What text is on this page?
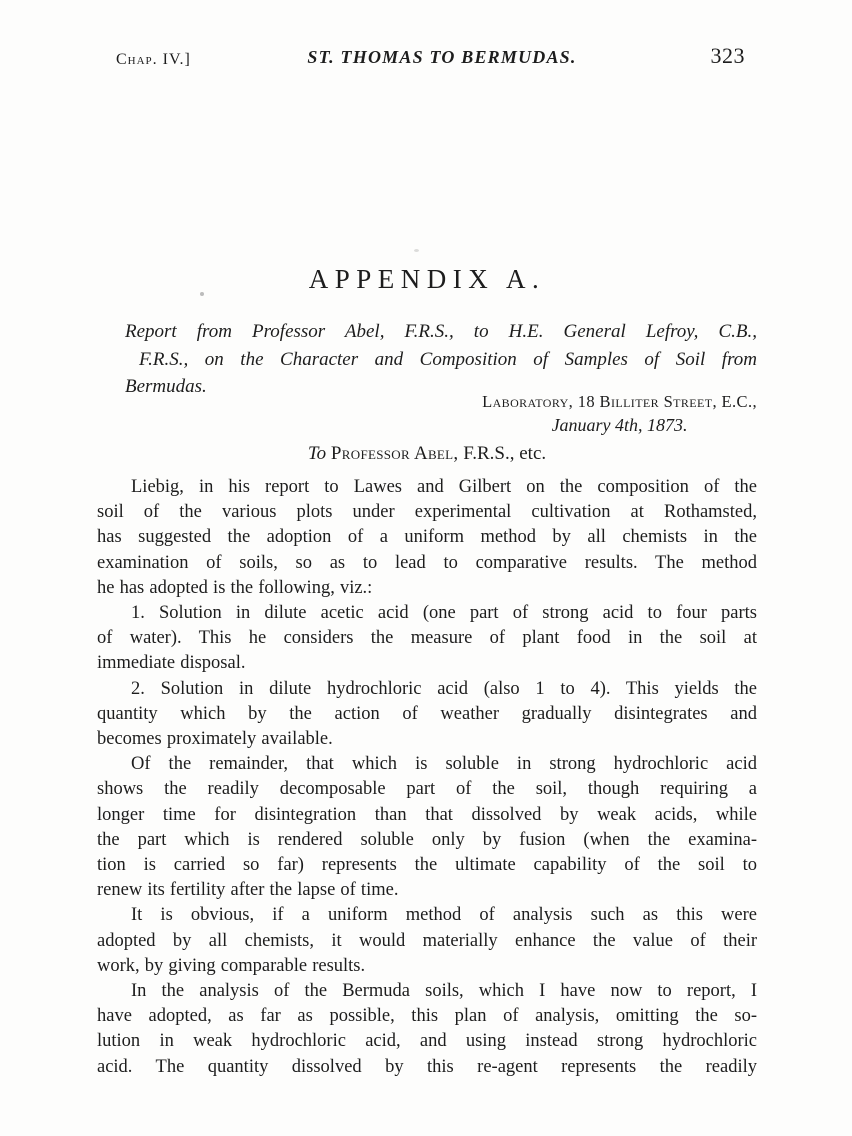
Chap. IV.]	ST. THOMAS TO BERMUDAS.	323
APPENDIX A.
Report from Professor Abel, F.R.S., to H.E. General Lefroy, C.B.,
F.R.S., on the Character and Composition of Samples of Soil from
Bermudas.
Laboratory, 18 Billiter Street, E.C.,
January 4th, 1873.
To Professor Abel, F.R.S., etc.
Liebig, in his report to Lawes and Gilbert on the composition of the
soil of the various plots under experimental cultivation at Rothamsted,
has suggested the adoption of a uniform method by all chemists in the
examination of soils, so as to lead to comparative results. The method
he has adopted is the following, viz.:
1. Solution in dilute acetic acid (one part of strong acid to four parts
of water). This he considers the measure of plant food in the soil at
immediate disposal.
2. Solution in dilute hydrochloric acid (also 1 to 4). This yields the
quantity which by the action of weather gradually disintegrates and
becomes proximately available.
Of the remainder, that which is soluble in strong hydrochloric acid
shows the readily decomposable part of the soil, though requiring a
longer time for disintegration than that dissolved by weak acids, while
the part which is rendered soluble only by fusion (when the examina-
tion is carried so far) represents the ultimate capability of the soil to
renew its fertility after the lapse of time.
It is obvious, if a uniform method of analysis such as this were
adopted by all chemists, it would materially enhance the value of their
work, by giving comparable results.
In the analysis of the Bermuda soils, which I have now to report, I
have adopted, as far as possible, this plan of analysis, omitting the so-
lution in weak hydrochloric acid, and using instead strong hydrochloric
acid. The quantity dissolved by this re-agent represents the readily
